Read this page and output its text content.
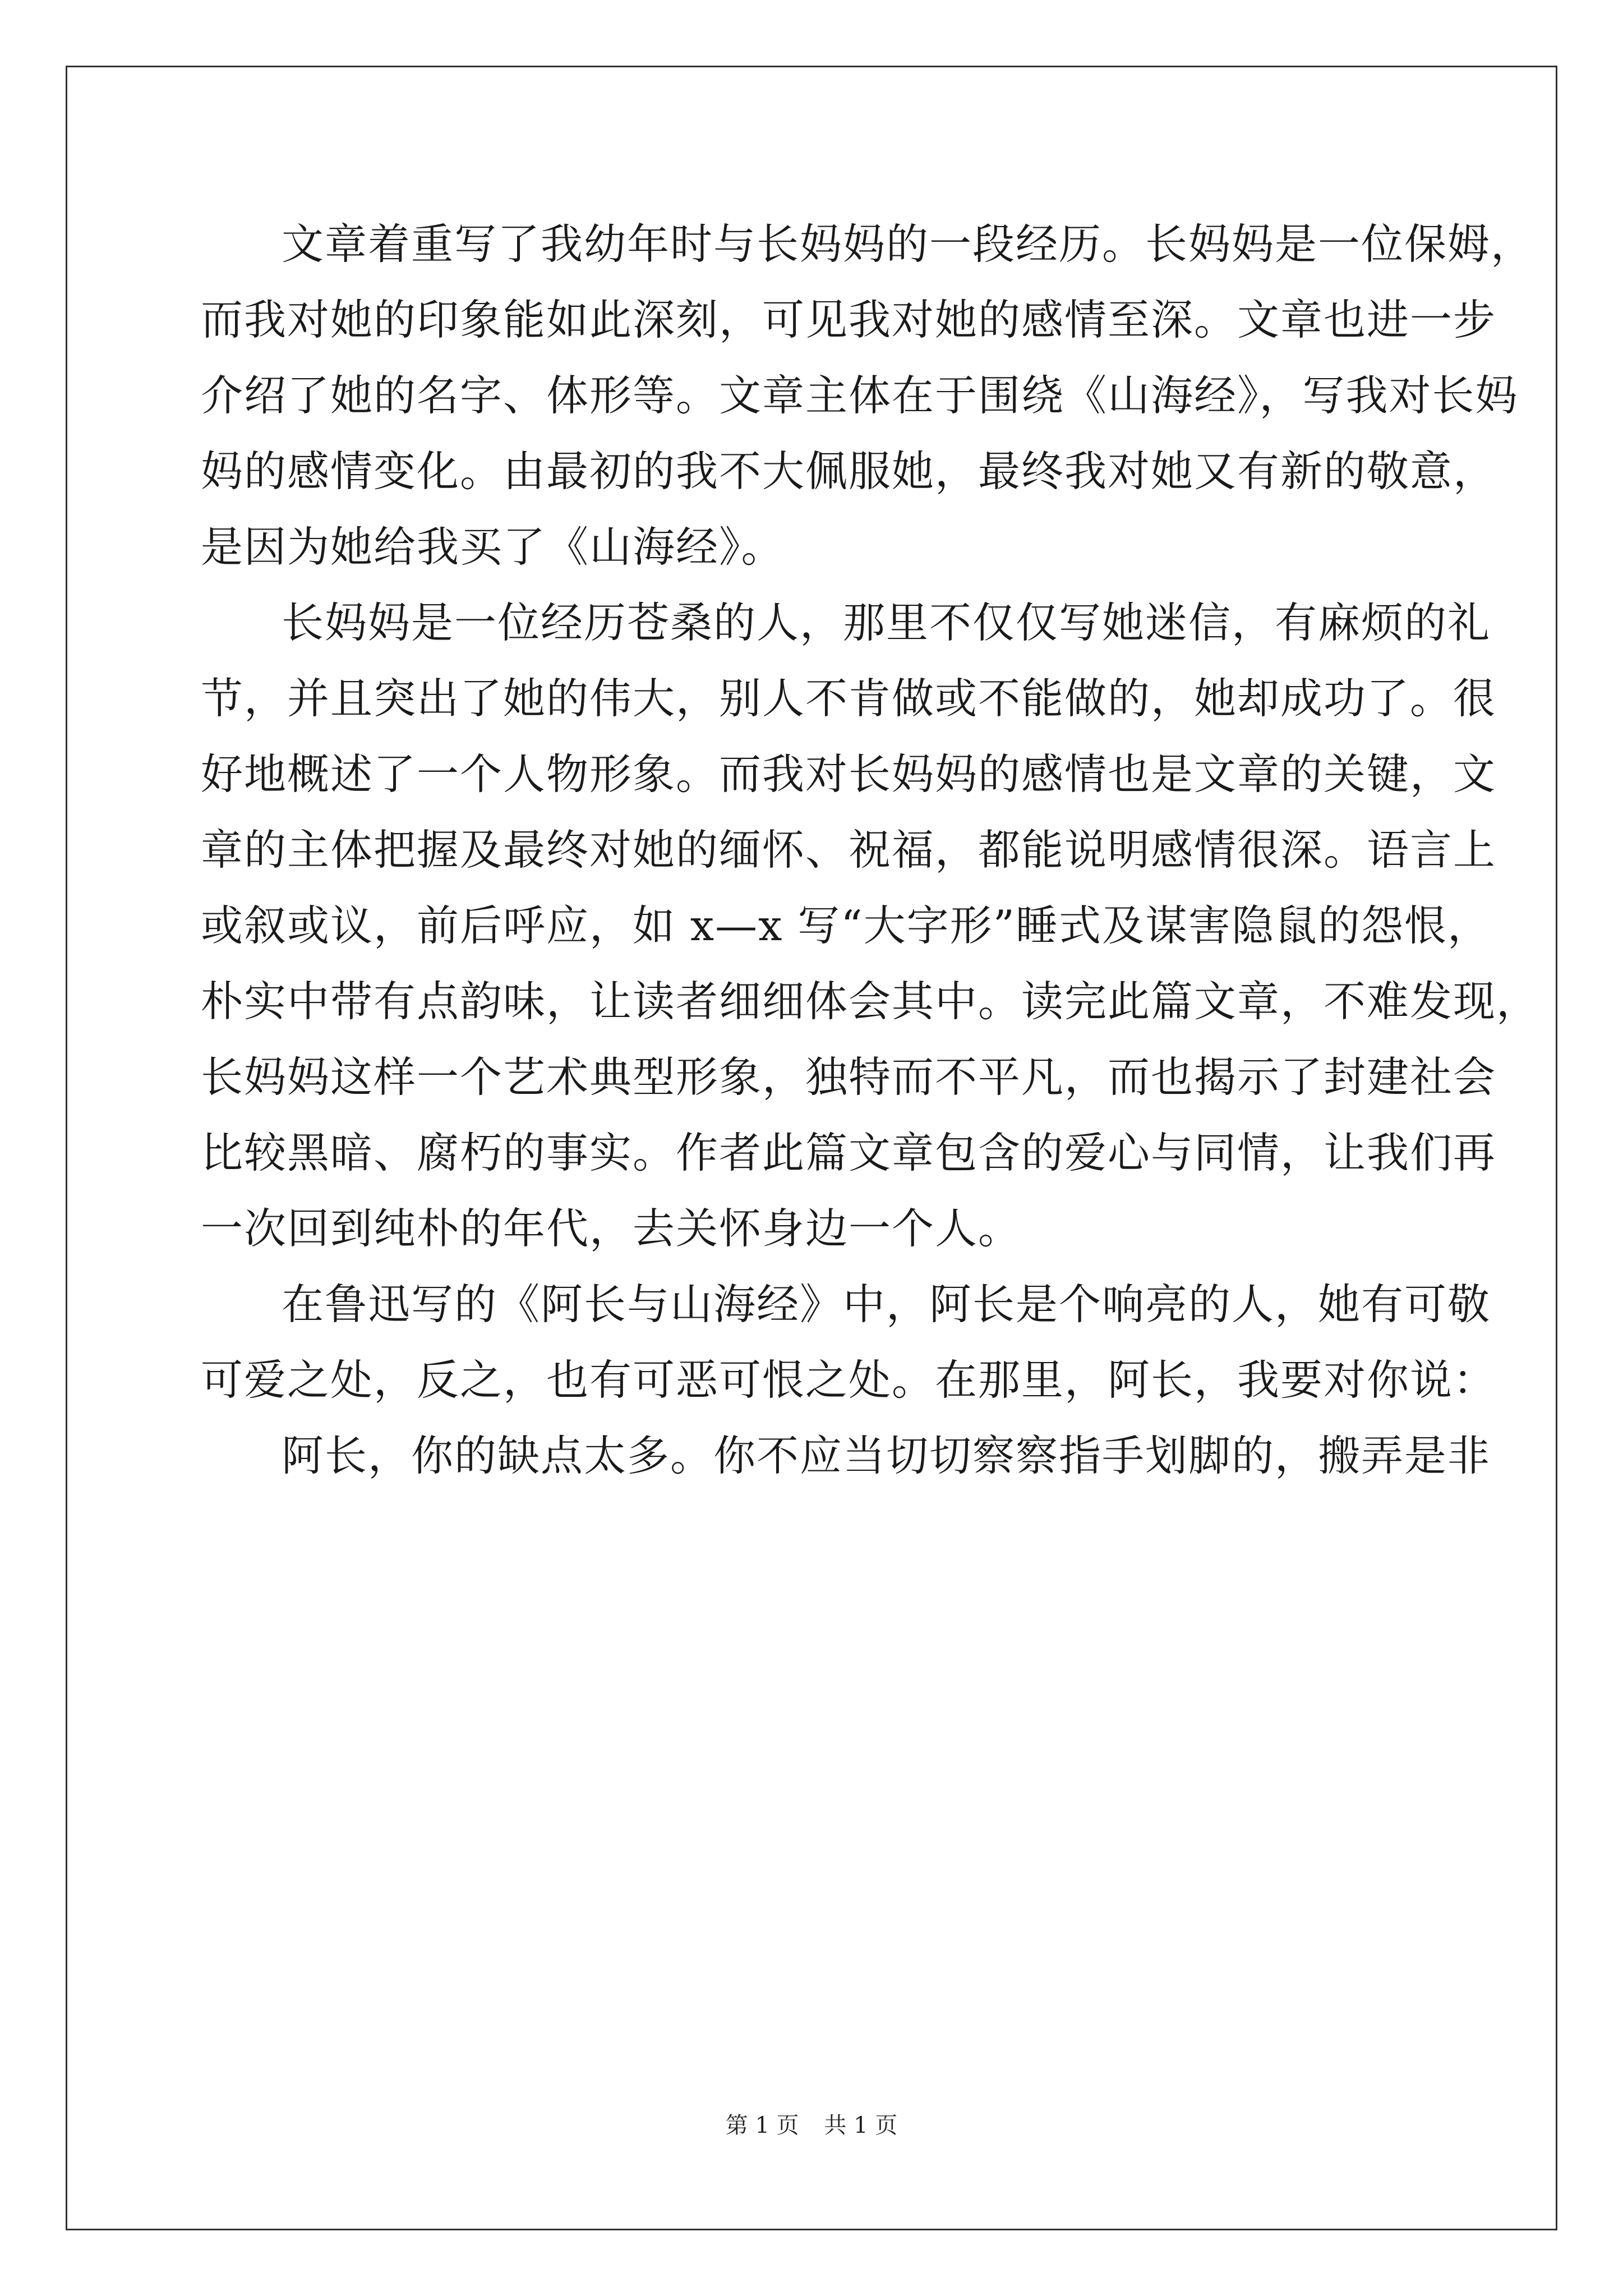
文章着重写了我幼年时与长妈妈的一段经历。长妈妈是一位保姆，
而我对她的印象能如此深刻，可见我对她的感情至深。文章也进一步
介绍了她的名字、体形等。文章主体在于围绕《山海经》，写我对长妈
妈的感情变化。由最初的我不大佩服她，最终我对她又有新的敬意，
是因为她给我买了《山海经》。
长妈妈是一位经历苍桑的人，那里不仅仅写她迷信，有麻烦的礼
节，并且突出了她的伟大，别人不肯做或不能做的，她却成功了。很
好地概述了一个人物形象。而我对长妈妈的感情也是文章的关键，文
章的主体把握及最终对她的缅怀、祝福，都能说明感情很深。语言上
或叙或议，前后呼应，如 x—x 写“大字形”睡式及谋害隐鼠的怨恨，
朴实中带有点韵味，让读者细细体会其中。读完此篇文章，不难发现，
长妈妈这样一个艺术典型形象，独特而不平凡，而也揭示了封建社会
比较黑暗、腐朽的事实。作者此篇文章包含的爱心与同情，让我们再
一次回到纯朴的年代，去关怀身边一个人。
在鲁迅写的《阿长与山海经》中，阿长是个响亮的人，她有可敬
可爱之处，反之，也有可恶可恨之处。在那里，阿长，我要对你说：
阿长，你的缺点太多。你不应当切切察察指手划脚的，搬弄是非
第 1 页 共 1 页
